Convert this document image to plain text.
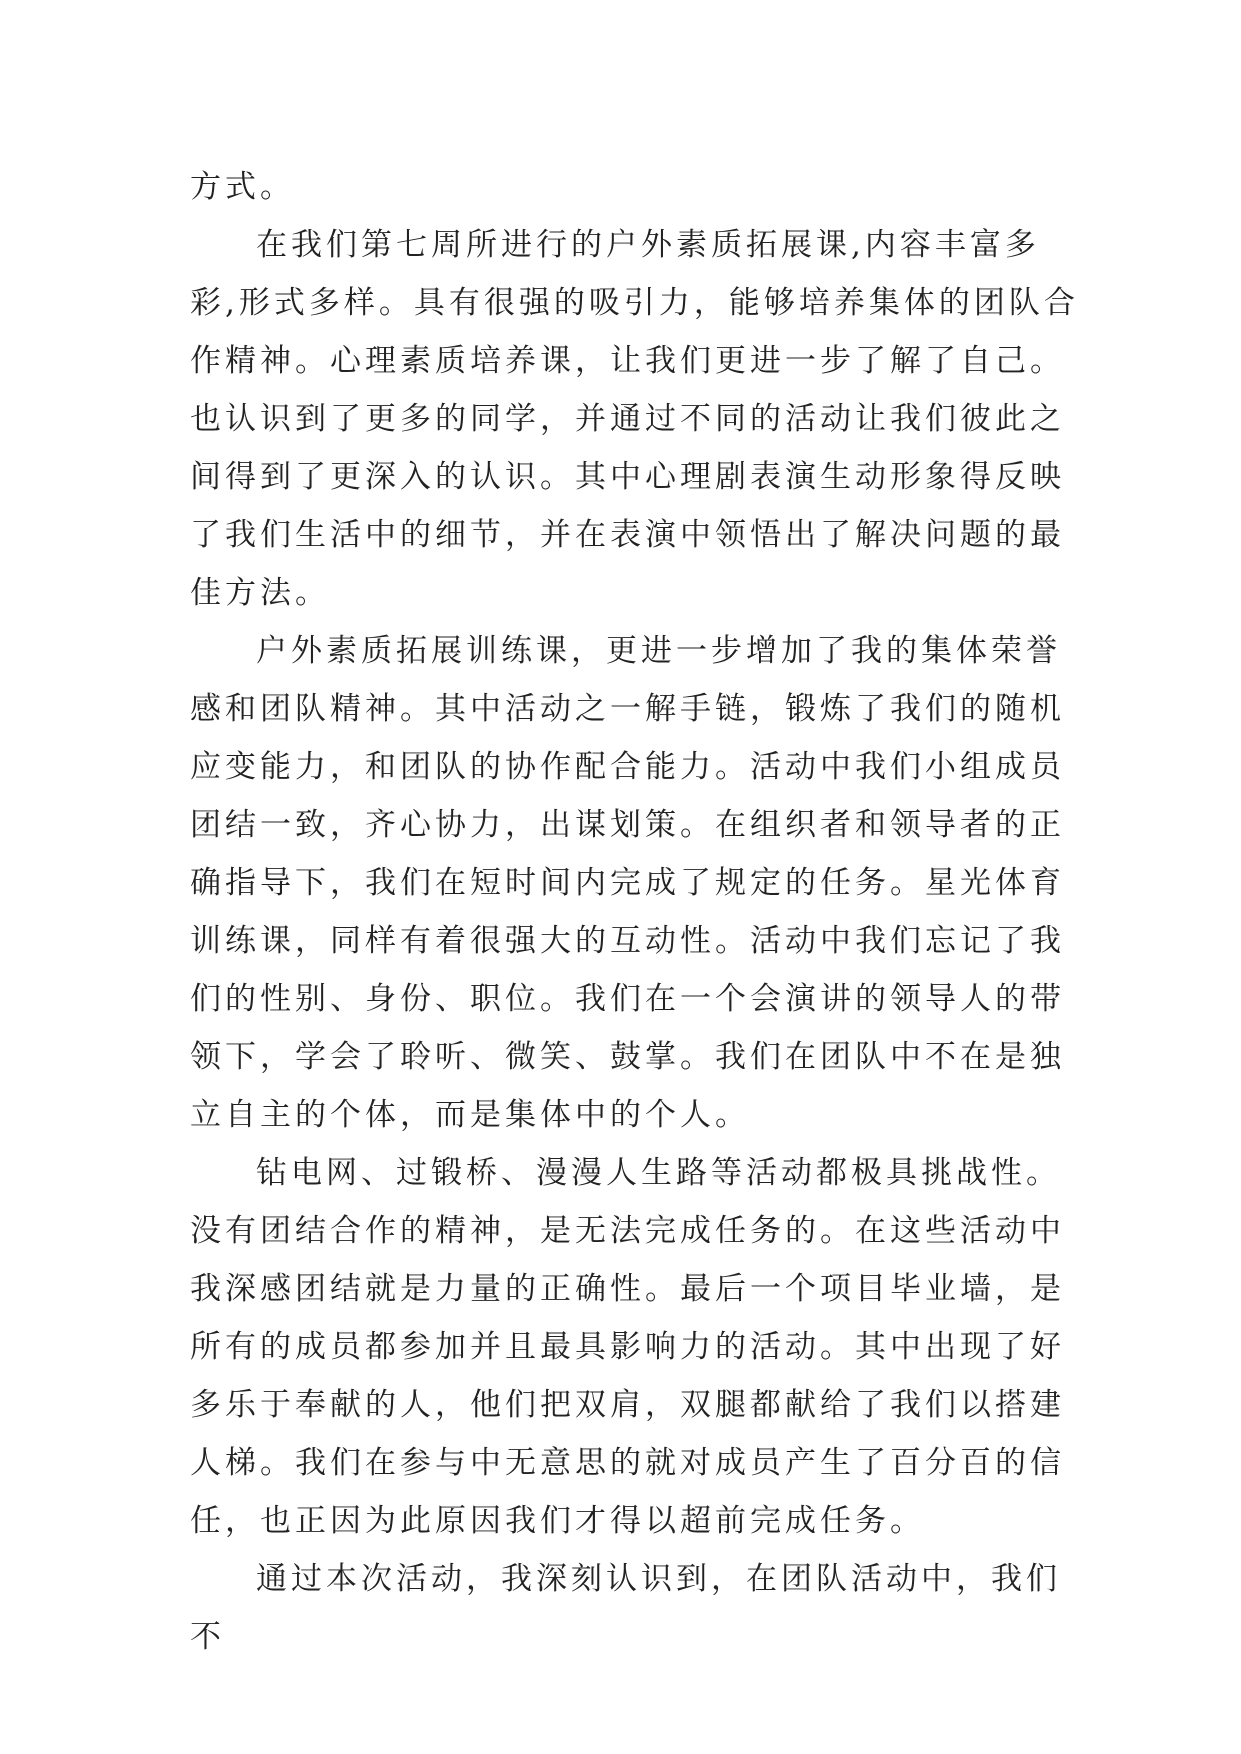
方式。

在我们第七周所进行的户外素质拓展课,内容丰富多彩,形式多样。具有很强的吸引力，能够培养集体的团队合作精神。心理素质培养课，让我们更进一步了解了自己。也认识到了更多的同学，并通过不同的活动让我们彼此之间得到了更深入的认识。其中心理剧表演生动形象得反映了我们生活中的细节，并在表演中领悟出了解决问题的最佳方法。

户外素质拓展训练课，更进一步增加了我的集体荣誉感和团队精神。其中活动之一解手链，锻炼了我们的随机应变能力，和团队的协作配合能力。活动中我们小组成员团结一致，齐心协力，出谋划策。在组织者和领导者的正确指导下，我们在短时间内完成了规定的任务。星光体育训练课，同样有着很强大的互动性。活动中我们忘记了我们的性别、身份、职位。我们在一个会演讲的领导人的带领下，学会了聆听、微笑、鼓掌。我们在团队中不在是独立自主的个体，而是集体中的个人。

钻电网、过锻桥、漫漫人生路等活动都极具挑战性。没有团结合作的精神，是无法完成任务的。在这些活动中我深感团结就是力量的正确性。最后一个项目毕业墙，是所有的成员都参加并且最具影响力的活动。其中出现了好多乐于奉献的人，他们把双肩，双腿都献给了我们以搭建人梯。我们在参与中无意思的就对成员产生了百分百的信任，也正因为此原因我们才得以超前完成任务。

通过本次活动，我深刻认识到，在团队活动中，我们不
